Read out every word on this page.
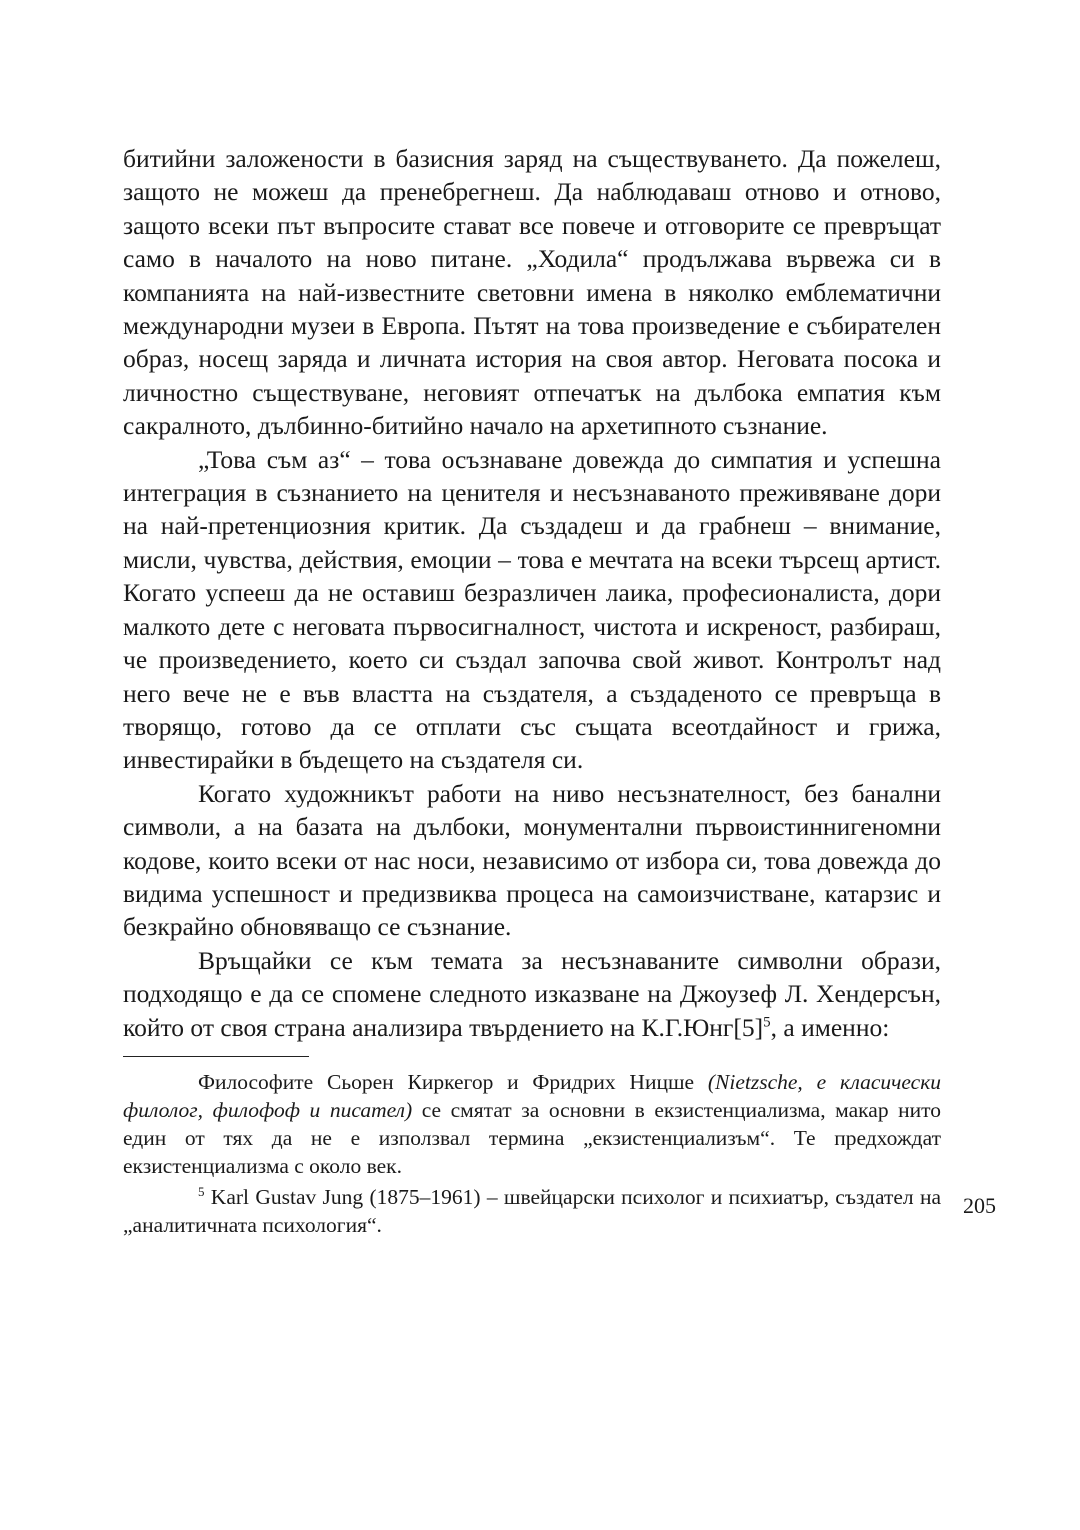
битийни заложености в базисния заряд на съществуването. Да пожелеш, защото не можеш да пренебрегнеш. Да наблюдаваш отново и отново, защото всеки път въпросите стават все повече и отговорите се превръщат само в началото на ново питане. „Ходила“ продължава вървежа си в компанията на най-известните световни имена в няколко емблематични международни музеи в Европа. Пътят на това произведение е събирателен образ, носещ заряда и личната история на своя автор. Неговата посока и личностно съществуване, неговият отпечатък на дълбока емпатия към сакралното, дълбинно-битийно начало на архетипното съзнание.

„Това съм аз“ – това осъзнаване довежда до симпатия и успешна интеграция в съзнанието на ценителя и несъзнаваното преживяване дори на най-претенциозния критик. Да създадеш и да грабнеш – внимание, мисли, чувства, действия, емоции – това е мечтата на всеки търсещ артист. Когато успееш да не оставиш безразличен лаика, професионалиста, дори малкото дете с неговата първосигналност, чистота и искреност, разбираш, че произведението, което си създал започва свой живот. Контролът над него вече не е във властта на създателя, а създаденото се превръща в творящо, готово да се отплати със същата всеотдайност и грижа, инвестирайки в бъдещето на създателя си.

Когато художникът работи на ниво несъзнателност, без банални символи, а на базата на дълбоки, монументални първоистиннигеномни кодове, които всеки от нас носи, независимо от избора си, това довежда до видима успешност и предизвиква процеса на самоизчистване, катарзис и безкрайно обновяващо се съзнание.

Връщайки се към темата за несъзнаваните символни образи, подходящо е да се спомене следното изказване на Джоузеф Л. Хендерсън, който от своя страна анализира твърдението на $К.Г.Юнг[5]^5$, а именно:

Философите Сьорен Киркегор и Фридрих Ницше (Nietzsche, е класически филолог, филофоф и писател) се смятат за основни в екзистенциализма, макар нито един от тях да не е използвал термина „екзистенциализъм“. Те предхождат екзистенциализма с около век.

$^5$ Karl Gustav Jung (1875–1961) – швейцарски психолог и психиатър, създател на „аналитичната психология“.

205
